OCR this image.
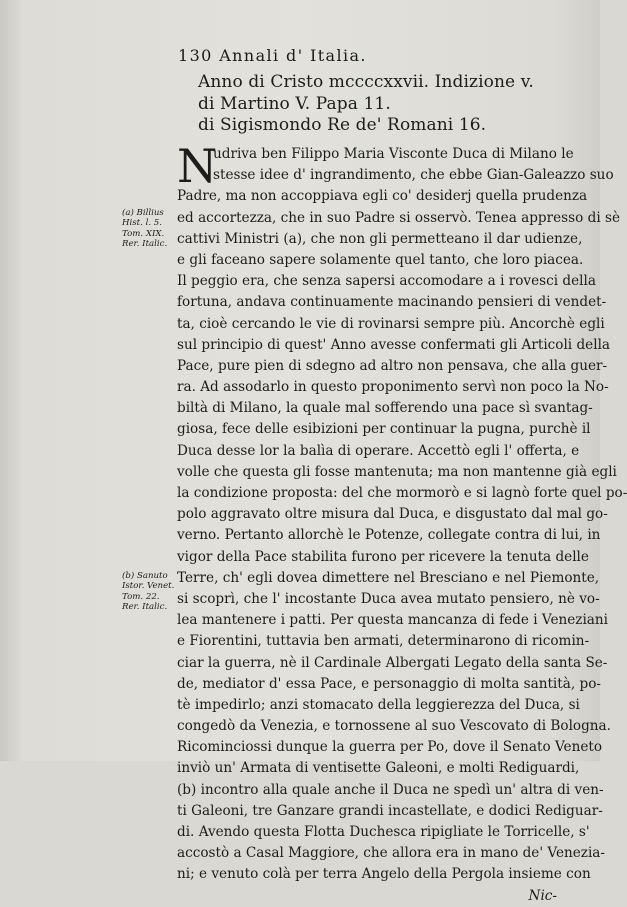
130 Annali d' Italia.
Anno di Cristo mccccxxvii. Indizione v.
di Martino V. Papa 11.
di Sigismondo Re de' Romani 16.
N
udriva ben Filippo Maria Visconte Duca di Milano le
stesse idee d' ingrandimento, che ebbe Gian-Galeazzo suo
Padre, ma non accoppiava egli co' desiderj quella prudenza
ed accortezza, che in suo Padre si osservò. Tenea appresso di sè
cattivi Ministri (a), che non gli permetteano il dar udienze,
e gli faceano sapere solamente quel tanto, che loro piacea.
Il peggio era, che senza sapersi accomodare a i rovesci della
fortuna, andava continuamente macinando pensieri di vendet-
ta, cioè cercando le vie di rovinarsi sempre più. Ancorchè egli
sul principio di quest' Anno avesse confermati gli Articoli della
Pace, pure pien di sdegno ad altro non pensava, che alla guer-
ra. Ad assodarlo in questo proponimento servì non poco la No-
biltà di Milano, la quale mal sofferendo una pace sì svantag-
giosa, fece delle esibizioni per continuar la pugna, purchè il
Duca desse lor la balìa di operare. Accettò egli l' offerta, e
volle che questa gli fosse mantenuta; ma non mantenne già egli
la condizione proposta: del che mormorò e si lagnò forte quel po-
polo aggravato oltre misura dal Duca, e disgustato dal mal go-
verno. Pertanto allorchè le Potenze, collegate contra di lui, in
vigor della Pace stabilita furono per ricevere la tenuta delle
Terre, ch' egli dovea dimettere nel Bresciano e nel Piemonte,
si scoprì, che l' incostante Duca avea mutato pensiero, nè vo-
lea mantenere i patti. Per questa mancanza di fede i Veneziani
e Fiorentini, tuttavia ben armati, determinarono di ricomin-
ciar la guerra, nè il Cardinale Albergati Legato della santa Se-
de, mediator d' essa Pace, e personaggio di molta santità, po-
tè impedirlo; anzi stomacato della leggierezza del Duca, si
congedò da Venezia, e tornossene al suo Vescovato di Bologna.
Ricominciossi dunque la guerra per Po, dove il Senato Veneto
inviò un' Armata di ventisette Galeoni, e molti Rediguardi,
(b) incontro alla quale anche il Duca ne spedì un' altra di ven-
ti Galeoni, tre Ganzare grandi incastellate, e dodici Rediguar-
di. Avendo questa Flotta Duchesca ripigliate le Torricelle, s'
accostò a Casal Maggiore, che allora era in mano de' Venezia-
ni; e venuto colà per terra Angelo della Pergola insieme con
Nic-
(a) Billius
Hist. l. 5.
Tom. XIX.
Rer. Italic.
(b) Sanuto
Istor. Venet.
Tom. 22.
Rer. Italic.
